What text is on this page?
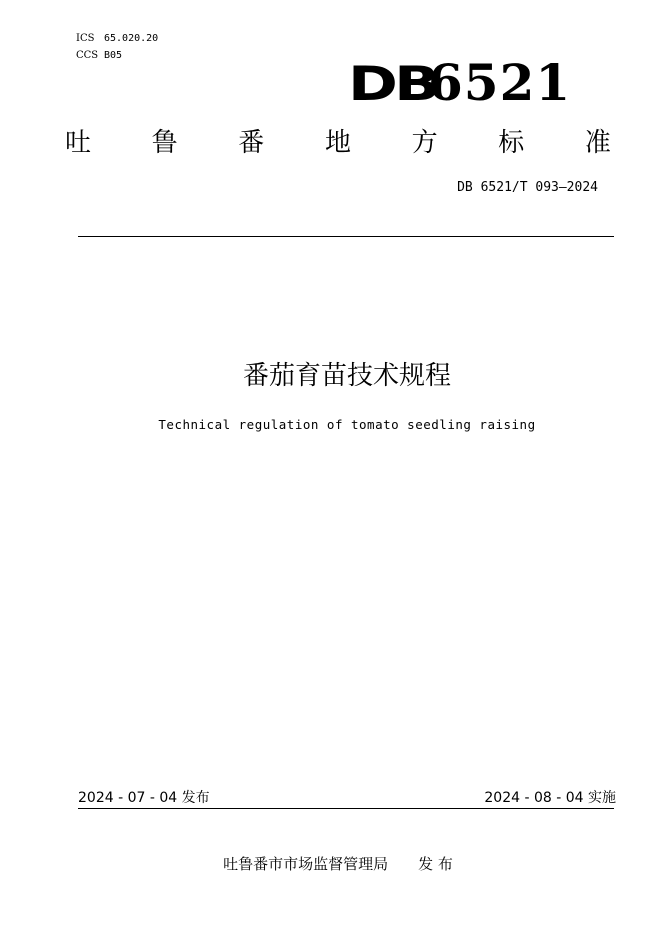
ICS 65.020.20
CCS B05
DB
6521
吐 鲁 番 地 方 标 准
DB 6521/T 093—2024
番茄育苗技术规程
Technical regulation of tomato seedling raising
2024 - 07 - 04 发布	2024 - 08 - 04 实施
吐鲁番市市场监督管理局 发 布
